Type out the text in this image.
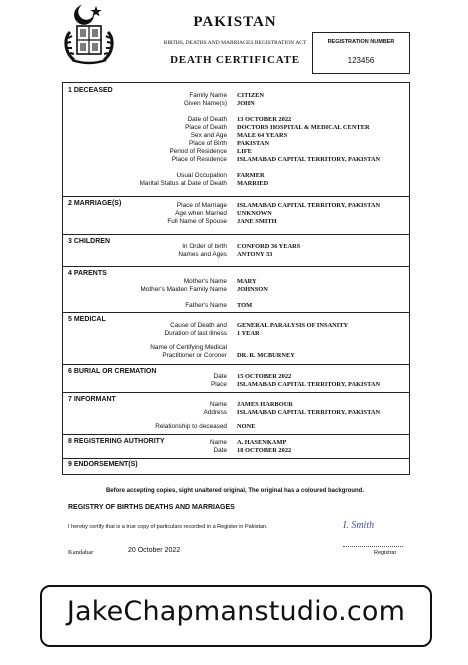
PAKISTAN
BIRTHS, DEATHS AND MARRIAGES REGISTRATION ACT
DEATH CERTIFICATE
REGISTRATION NUMBER
123456
1 DECEASED
Family Name CITIZEN
Given Name(s) JOHN
Date of Death 13 OCTOBER 2022
Place of Death DOCTORS HOSPITAL & MEDICAL CENTER
Sex and Age MALE 64 YEARS
Place of Birth PAKISTAN
Period of Residence LIFE
Place of Residence ISLAMABAD CAPITAL TERRITORY, PAKISTAN
Usual Occupation FARMER
Marital Status at Date of Death MARRIED
2 MARRIAGE(S)	Place of Marriage ISLAMABAD CAPITAL TERRITORY, PAKISTAN
Age when Married UNKNOWN
Full Name of Spouse JANE SMITH
3 CHILDREN
In Order of birth CONFORD 36 YEARS
Names and Ages ANTONY 33
4 PARENTS
Mother's Name MARY
Mother's Maiden Family Name JOHNSON
Father's Name TOM
5 MEDICAL
Cause of Death and GENERAL PARALYSIS OF INSANITY
Duration of last illness 1 YEAR
Name of Certifying Medical
Practitioner or Coroner DR. R. MCBURNEY
6 BURIAL OR CREMATION
Date 15 OCTOBER 2022
Place ISLAMABAD CAPITAL TERRITORY, PAKISTAN
7 INFORMANT
Name JAMES HARBOUR
Address ISLAMABAD CAPITAL TERRITORY, PAKISTAN
Relationship to deceased NONE
8 REGISTERING AUTHORITY	Name A. HASENKAMP
Date 18 OCTOBER 2022
9 ENDORSEMENT(S)
Before accepting copies, sight unaltered original, The original has a coloured background.
REGISTRY OF BIRTHS DEATHS AND MARRIAGES
I hereby certify that is a true copy of particulars recorded in a Register in Pakistan.	I. Smith
Kandahar	20 October 2022	Registrar
JakeChapmanstudio.com
